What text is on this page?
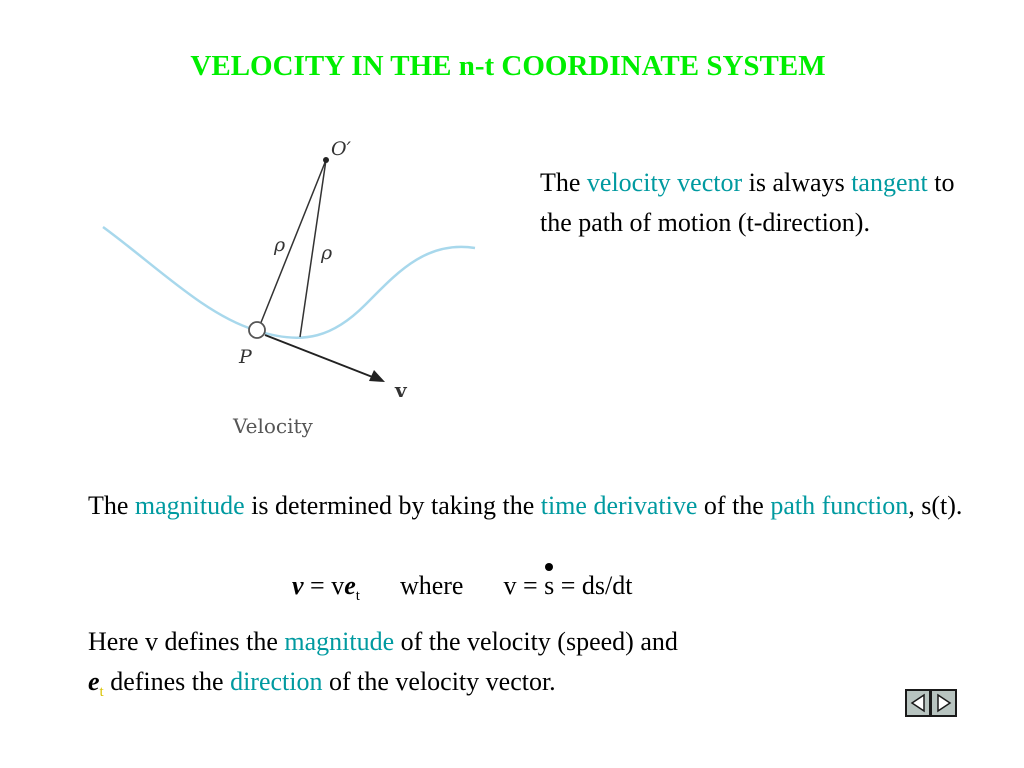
VELOCITY IN THE n-t COORDINATE SYSTEM
O′
ρ ρ
P
v
Velocity
The velocity vector is always tangent to the path of motion (t-direction).
The magnitude is determined by taking the time derivative of the path function, s(t).
$v = ve_t$ where v =
s = ds/dt
Here v defines the magnitude of the velocity (speed) and
$e_t$ defines the direction of the velocity vector.
